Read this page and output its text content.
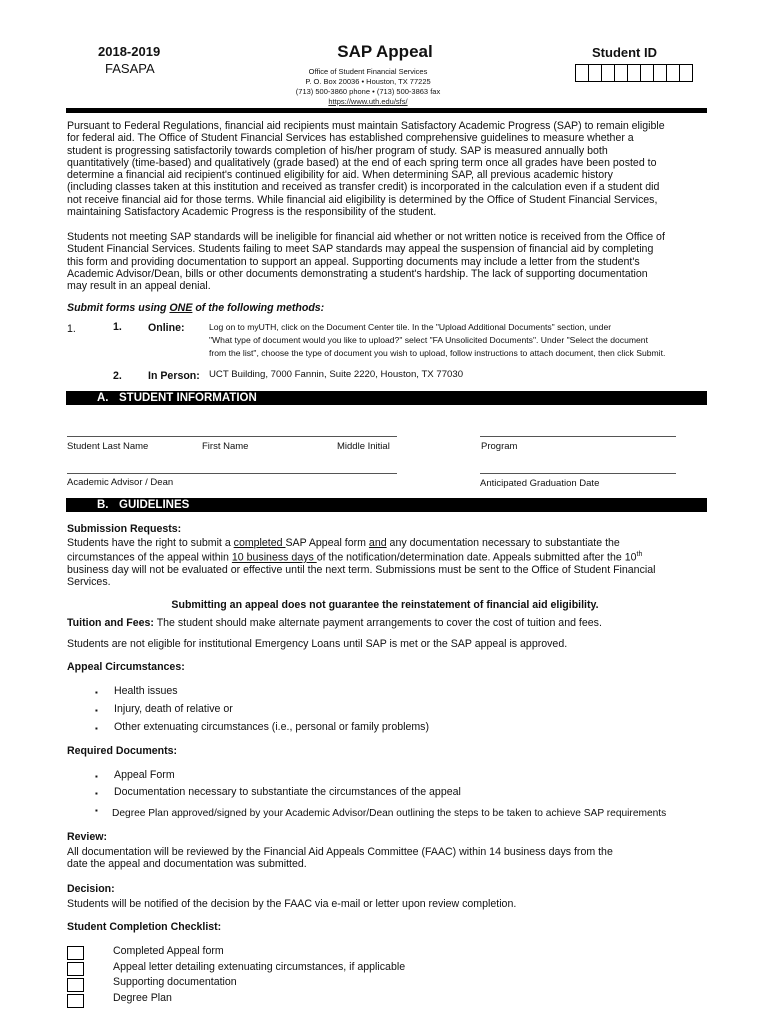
2018-2019
FASAPA
SAP Appeal
Office of Student Financial Services
P. O. Box 20036 • Houston, TX 77225
(713) 500-3860 phone • (713) 500-3863 fax
https://www.uth.edu/sfs/
Student ID

Pursuant to Federal Regulations, financial aid recipients must maintain Satisfactory Academic Progress (SAP) to remain eligible

for federal aid. The Office of Student Financial Services has established comprehensive guidelines to measure whether a

student is progressing satisfactorily towards completion of his/her program of study. SAP is measured annually both

quantitatively (time-based) and qualitatively (grade based) at the end of each spring term once all grades have been posted to

determine a financial aid recipient's continued eligibility for aid. When determining SAP, all previous academic history

(including classes taken at this institution and received as transfer credit) is incorporated in the calculation even if a student did

not receive financial aid for those terms. While financial aid eligibility is determined by the Office of Student Financial Services,

maintaining Satisfactory Academic Progress is the responsibility of the student.

Students not meeting SAP standards will be ineligible for financial aid whether or not written notice is received from the Office of

Student Financial Services. Students failing to meet SAP standards may appeal the suspension of financial aid by completing

this form and providing documentation to support an appeal. Supporting documents may include a letter from the student's

Academic Advisor/Dean, bills or other documents demonstrating a student's hardship. The lack of supporting documentation

may result in an appeal denial.

Submit forms using ONE of the following methods:
1.	1. Online:	Log on to myUTH, click on the Document Center tile. In the "Upload Additional Documents" section, under
"What type of document would you like to upload?" select "FA Unsolicited Documents". Under "Select the document
from the list", choose the type of document you wish to upload, follow instructions to attach document, then click Submit.
2. In Person: UCT Building, 7000 Fannin, Suite 2220, Houston, TX 77030
A. STUDENT INFORMATION
Student Last Name	First Name	Middle Initial	Program
Academic Advisor / Dean	Anticipated Graduation Date
B. GUIDELINES
Submission Requests:

Students have the right to submit a completed SAP Appeal form and any documentation necessary to substantiate the

circumstances of the appeal within 10 business days of the notification/determination date. Appeals submitted after the 10th

business day will not be evaluated or effective until the next term. Submissions must be sent to the Office of Student Financial

Services.

Submitting an appeal does not guarantee the reinstatement of financial aid eligibility.
Tuition and Fees: The student should make alternate payment arrangements to cover the cost of tuition and fees.
Students are not eligible for institutional Emergency Loans until SAP is met or the SAP appeal is approved.
Appeal Circumstances:
▪ Health issues
▪ Injury, death of relative or
▪ Other extenuating circumstances (i.e., personal or family problems)
Required Documents:
▪ Appeal Form
▪ Documentation necessary to substantiate the circumstances of the appeal
▪ Degree Plan approved/signed by your Academic Advisor/Dean outlining the steps to be taken to achieve SAP requirements
Review:

All documentation will be reviewed by the Financial Aid Appeals Committee (FAAC) within 14 business days from the

date the appeal and documentation was submitted.

Decision:
Students will be notified of the decision by the FAAC via e-mail or letter upon review completion.
Student Completion Checklist:
Completed Appeal form
Appeal letter detailing extenuating circumstances, if applicable
Supporting documentation
Degree Plan
